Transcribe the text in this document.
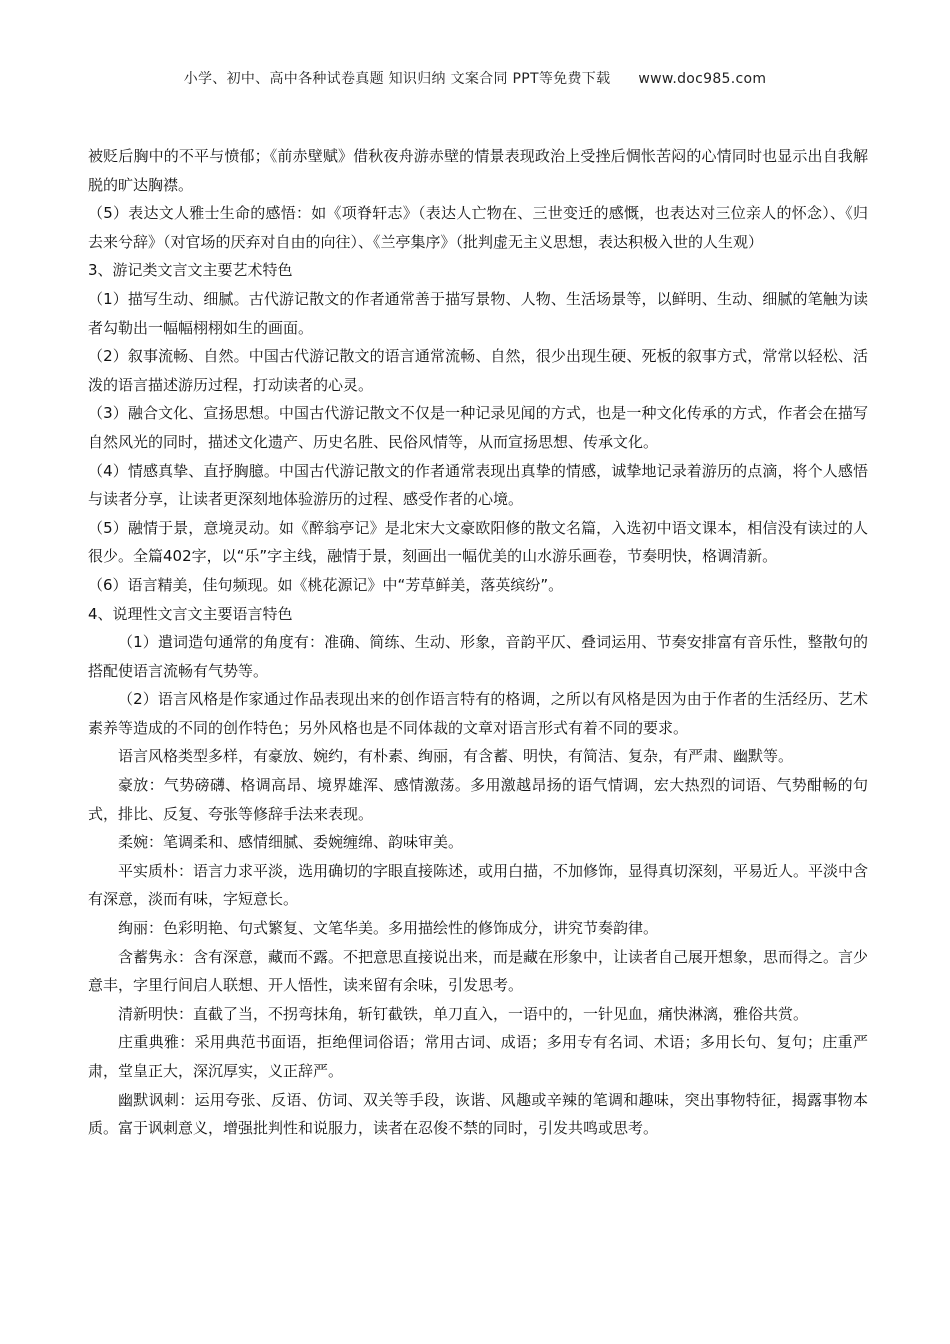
小学、初中、高中各种试卷真题 知识归纳 文案合同 PPT等免费下载 www.doc985.com

被贬后胸中的不平与愤郁；《前赤壁赋》借秋夜舟游赤壁的情景表现政治上受挫后惆怅苦闷的心情同时也显示出自我解脱的旷达胸襟。

（5）表达文人雅士生命的感悟：如《项脊轩志》（表达人亡物在、三世变迁的感慨，也表达对三位亲人的怀念）、《归去来兮辞》（对官场的厌弃对自由的向往）、《兰亭集序》（批判虚无主义思想，表达积极入世的人生观）

3、游记类文言文主要艺术特色

（1）描写生动、细腻。古代游记散文的作者通常善于描写景物、人物、生活场景等，以鲜明、生动、细腻的笔触为读者勾勒出一幅幅栩栩如生的画面。

（2）叙事流畅、自然。中国古代游记散文的语言通常流畅、自然，很少出现生硬、死板的叙事方式，常常以轻松、活泼的语言描述游历过程，打动读者的心灵。

（3）融合文化、宣扬思想。中国古代游记散文不仅是一种记录见闻的方式，也是一种文化传承的方式，作者会在描写自然风光的同时，描述文化遗产、历史名胜、民俗风情等，从而宣扬思想、传承文化。

（4）情感真挚、直抒胸臆。中国古代游记散文的作者通常表现出真挚的情感，诚挚地记录着游历的点滴，将个人感悟与读者分享，让读者更深刻地体验游历的过程、感受作者的心境。

（5）融情于景，意境灵动。如《醉翁亭记》是北宋大文豪欧阳修的散文名篇，入选初中语文课本，相信没有读过的人很少。全篇402字，以“乐”字主线，融情于景，刻画出一幅优美的山水游乐画卷，节奏明快，格调清新。

（6）语言精美，佳句频现。如《桃花源记》中“芳草鲜美，落英缤纷”。

4、说理性文言文主要语言特色

（1）遣词造句通常的角度有：准确、简练、生动、形象，音韵平仄、叠词运用、节奏安排富有音乐性，整散句的搭配使语言流畅有气势等。

（2）语言风格是作家通过作品表现出来的创作语言特有的格调，之所以有风格是因为由于作者的生活经历、艺术素养等造成的不同的创作特色；另外风格也是不同体裁的文章对语言形式有着不同的要求。

语言风格类型多样，有豪放、婉约，有朴素、绚丽，有含蓄、明快，有简洁、复杂，有严肃、幽默等。

豪放：气势磅礴、格调高昂、境界雄浑、感情激荡。多用激越昂扬的语气情调，宏大热烈的词语、气势酣畅的句式，排比、反复、夸张等修辞手法来表现。

柔婉：笔调柔和、感情细腻、委婉缠绵、韵味审美。

平实质朴：语言力求平淡，选用确切的字眼直接陈述，或用白描，不加修饰，显得真切深刻，平易近人。平淡中含有深意，淡而有味，字短意长。

绚丽：色彩明艳、句式繁复、文笔华美。多用描绘性的修饰成分，讲究节奏韵律。

含蓄隽永：含有深意，藏而不露。不把意思直接说出来，而是藏在形象中，让读者自己展开想象，思而得之。言少意丰，字里行间启人联想、开人悟性，读来留有余味，引发思考。

清新明快：直截了当，不拐弯抹角，斩钉截铁，单刀直入，一语中的，一针见血，痛快淋漓，雅俗共赏。

庄重典雅：采用典范书面语，拒绝俚词俗语；常用古词、成语；多用专有名词、术语；多用长句、复句；庄重严肃，堂皇正大，深沉厚实，义正辞严。

幽默讽刺：运用夸张、反语、仿词、双关等手段，诙谐、风趣或辛辣的笔调和趣味，突出事物特征，揭露事物本质。富于讽刺意义，增强批判性和说服力，读者在忍俊不禁的同时，引发共鸣或思考。
